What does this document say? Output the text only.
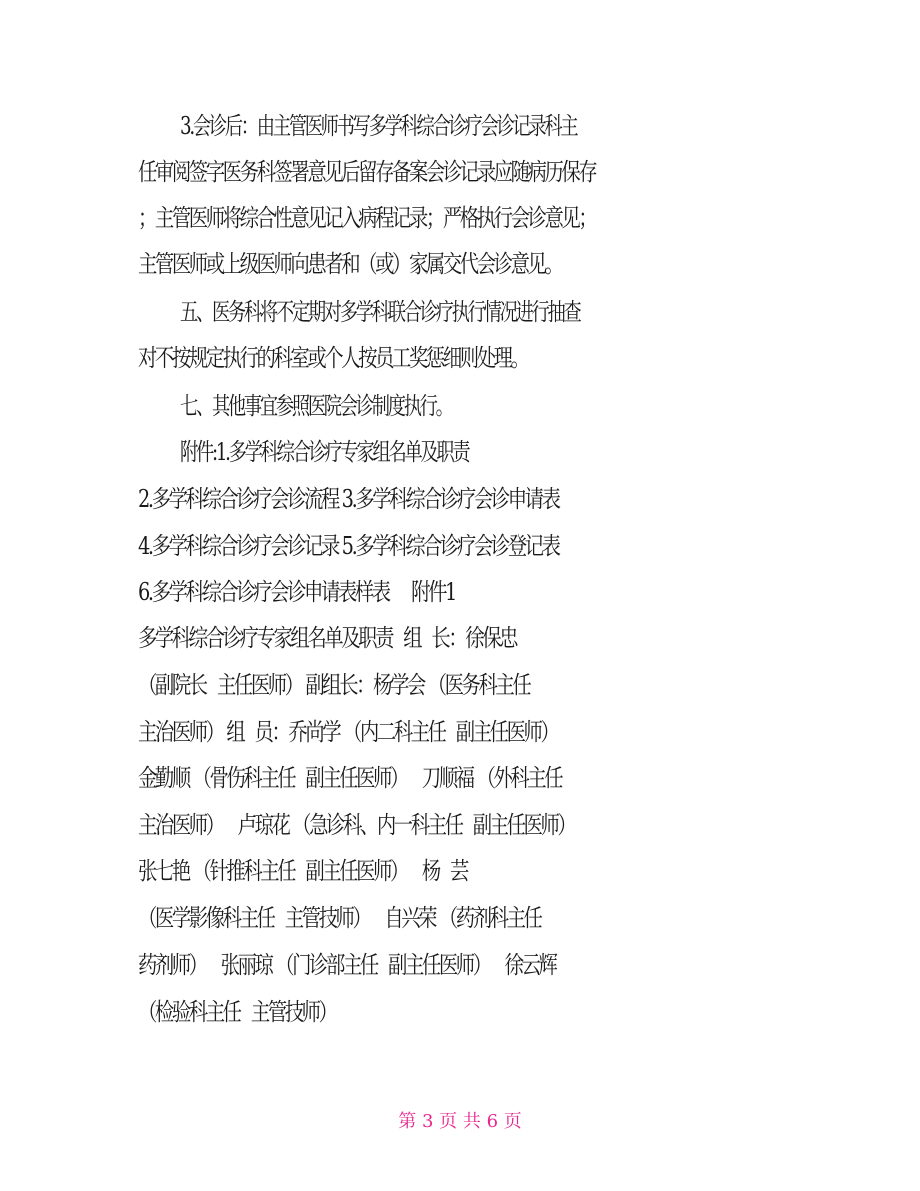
3.会诊后：由主管医师书写多学科综合诊疗会诊记录科主
任审阅签字医务科签署意见后留存备案会诊记录应随病历保存
；主管医师将综合性意见记入病程记录；严格执行会诊意见；
主管医师或上级医师向患者和（或）家属交代会诊意见。
五、医务科将不定期对多学科联合诊疗执行情况进行抽查
对不按规定执行的科室或个人按员工奖惩细则处理。
七、其他事宜参照医院会诊制度执行。
附件:1.多学科综合诊疗专家组名单及职责
2.多学科综合诊疗会诊流程 3.多学科综合诊疗会诊申请表
4.多学科综合诊疗会诊记录 5.多学科综合诊疗会诊登记表
6.多学科综合诊疗会诊申请表样表      附件1
多学科综合诊疗专家组名单及职责   组   长：徐保忠
（副院长   主任医师） 副组长：杨学会 （医务科主任
主治医师） 组   员：乔尚学 （内二科主任   副主任医师）
金勤顺 （骨伤科主任   副主任医师）    刀顺福 （外科主任
主治医师）    卢琼花 （急诊科、内一科主任   副主任医师）
张七艳 （针推科主任   副主任医师）    杨   芸
（医学影像科主任   主管技师）    自兴荣 （药剂科主任
药剂师）    张丽琼 （门诊部主任   副主任医师）    徐云辉
（检验科主任   主管技师）
第 3 页 共 6 页
